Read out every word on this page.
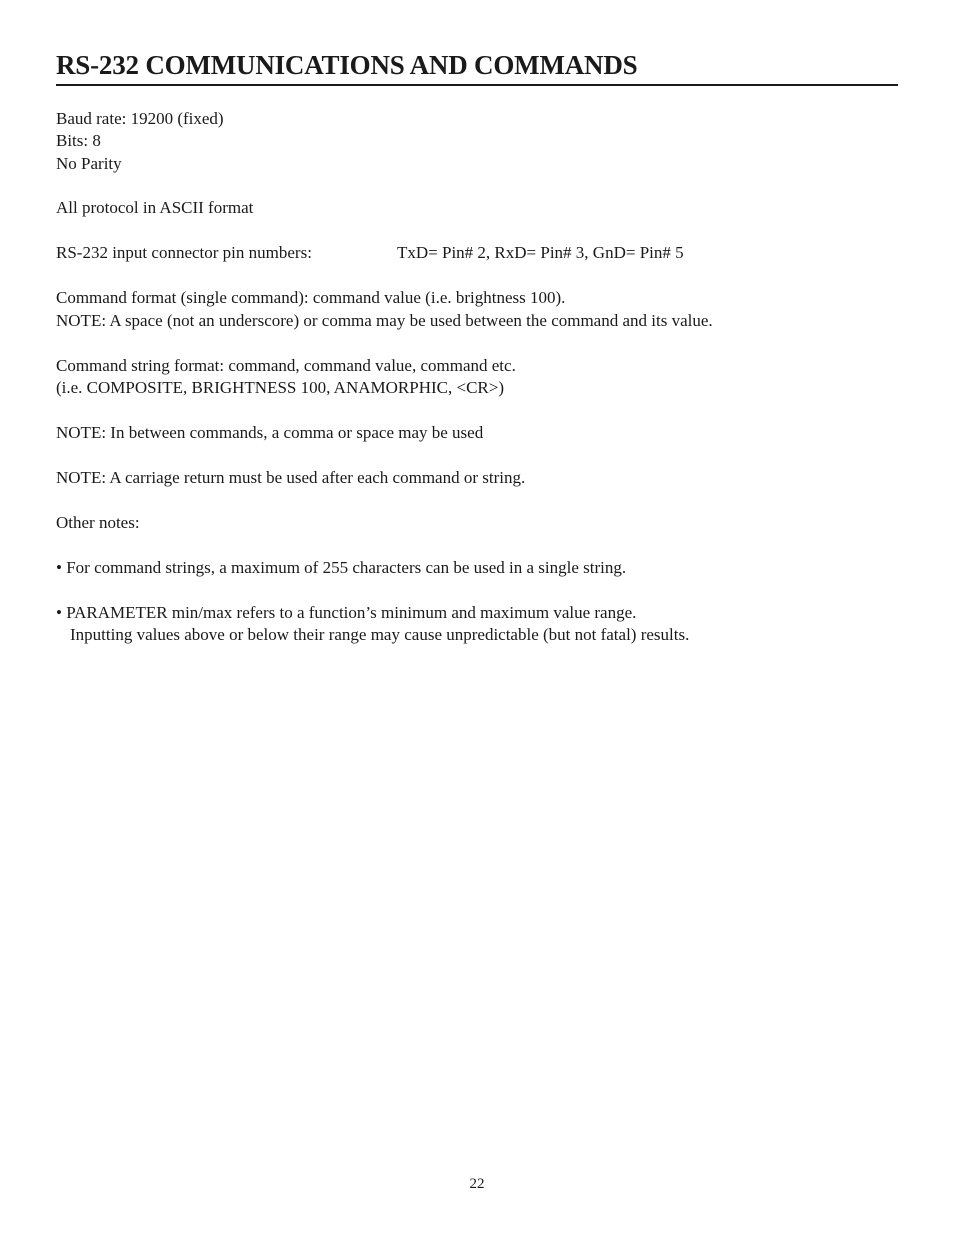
RS-232 COMMUNICATIONS AND COMMANDS

Baud rate: 19200 (fixed)

Bits: 8

No Parity

All protocol in ASCII format

RS-232 input connector pin numbers:	TxD= Pin# 2, RxD= Pin# 3, GnD= Pin# 5

Command format (single command): command value (i.e. brightness 100).

NOTE: A space (not an underscore) or comma may be used between the command and its value.

Command string format: command, command value, command etc.

(i.e. COMPOSITE, BRIGHTNESS 100, ANAMORPHIC, <CR>)

NOTE: In between commands, a comma or space may be used

NOTE: A carriage return must be used after each command or string.

Other notes:

• For command strings, a maximum of 255 characters can be used in a single string.

• PARAMETER min/max refers to a function’s minimum and maximum value range.

Inputting values above or below their range may cause unpredictable (but not fatal) results.

22
